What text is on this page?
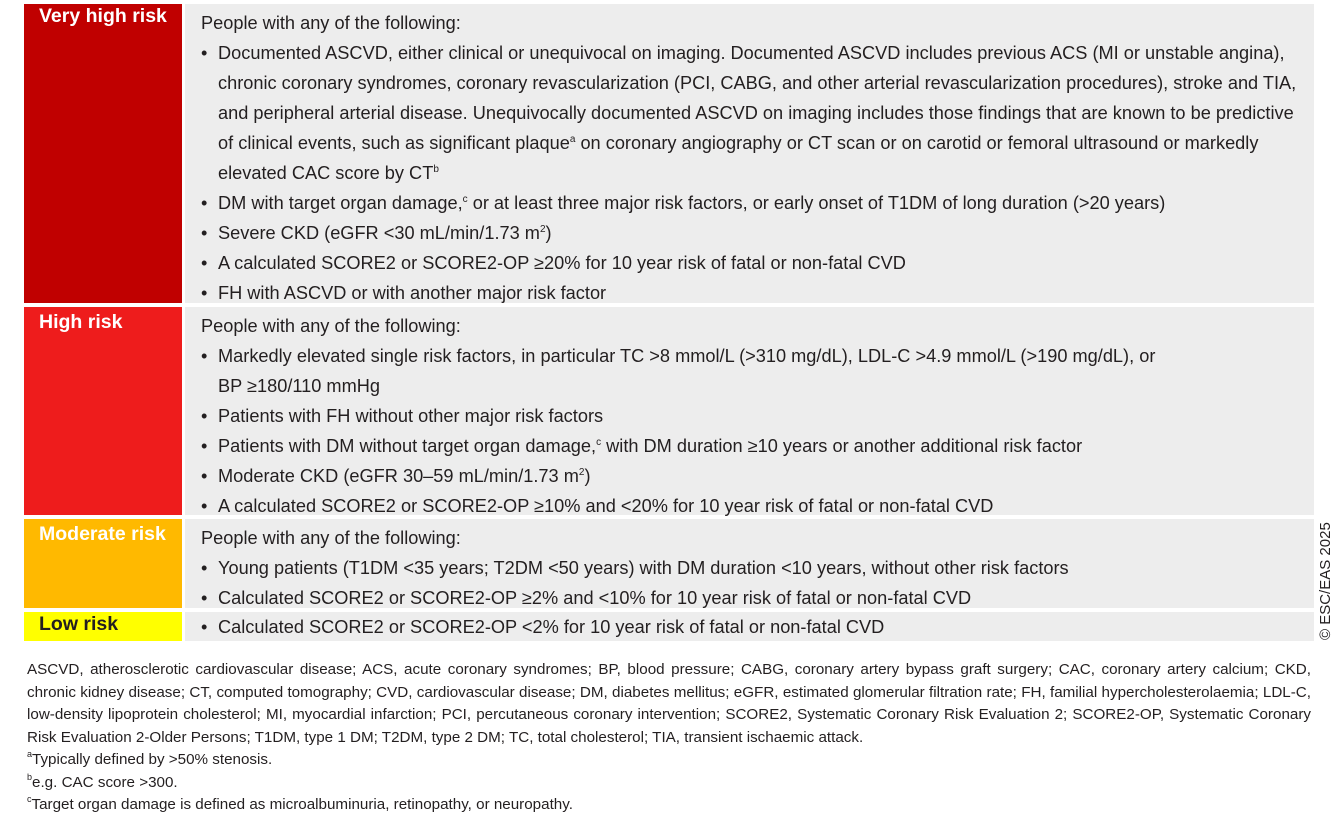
Very high risk	People with any of the following:

• Documented ASCVD, either clinical or unequivocal on imaging. Documented ASCVD includes previous ACS (MI or unstable angina), chronic coronary syndromes, coronary revascularization (PCI, CABG, and other arterial revascularization procedures), stroke and TIA, and peripheral arterial disease. Unequivocally documented ASCVD on imaging includes those findings that are known to be predictive of clinical events, such as significant plaque$^a$ on coronary angiography or CT scan or on carotid or femoral ultrasound or markedly elevated CAC score by $CT^b$
• DM with target organ damage,$^c$ or at least three major risk factors, or early onset of T1DM of long duration (>20 years)
• Severe CKD (eGFR <30 mL/min/1.73 $m^2$)
• A calculated SCORE2 or SCORE2-OP ≥20% for 10 year risk of fatal or non-fatal CVD
• FH with ASCVD or with another major risk factor
High risk	People with any of the following:

• Markedly elevated single risk factors, in particular TC >8 mmol/L (>310 mg/dL), LDL-C >4.9 mmol/L (>190 mg/dL), or BP ≥180/110 mmHg
• Patients with FH without other major risk factors
• Patients with DM without target organ damage,$^c$ with DM duration ≥10 years or another additional risk factor
• Moderate CKD (eGFR 30–59 mL/min/1.73 $m^2$)
• A calculated SCORE2 or SCORE2-OP ≥10% and <20% for 10 year risk of fatal or non-fatal CVD
Moderate risk	People with any of the following:

• Young patients (T1DM <35 years; T2DM <50 years) with DM duration <10 years, without other risk factors
• Calculated SCORE2 or SCORE2-OP ≥2% and <10% for 10 year risk of fatal or non-fatal CVD
Low risk	• Calculated SCORE2 or SCORE2-OP <2% for 10 year risk of fatal or non-fatal CVD	© ESC/EAS 2025

ASCVD, atherosclerotic cardiovascular disease; ACS, acute coronary syndromes; BP, blood pressure; CABG, coronary artery bypass graft surgery; CAC, coronary artery calcium; CKD, chronic kidney disease; CT, computed tomography; CVD, cardiovascular disease; DM, diabetes mellitus; eGFR, estimated glomerular filtration rate; FH, familial hypercholesterolaemia; LDL-C, low-density lipoprotein cholesterol; MI, myocardial infarction; PCI, percutaneous coronary intervention; SCORE2, Systematic Coronary Risk Evaluation 2; SCORE2-OP, Systematic Coronary Risk Evaluation 2-Older Persons; T1DM, type 1 DM; T2DM, type 2 DM; TC, total cholesterol; TIA, transient ischaemic attack.

$^a$Typically defined by >50% stenosis.

$^b$e.g. CAC score >300.

$^c$Target organ damage is defined as microalbuminuria, retinopathy, or neuropathy.
